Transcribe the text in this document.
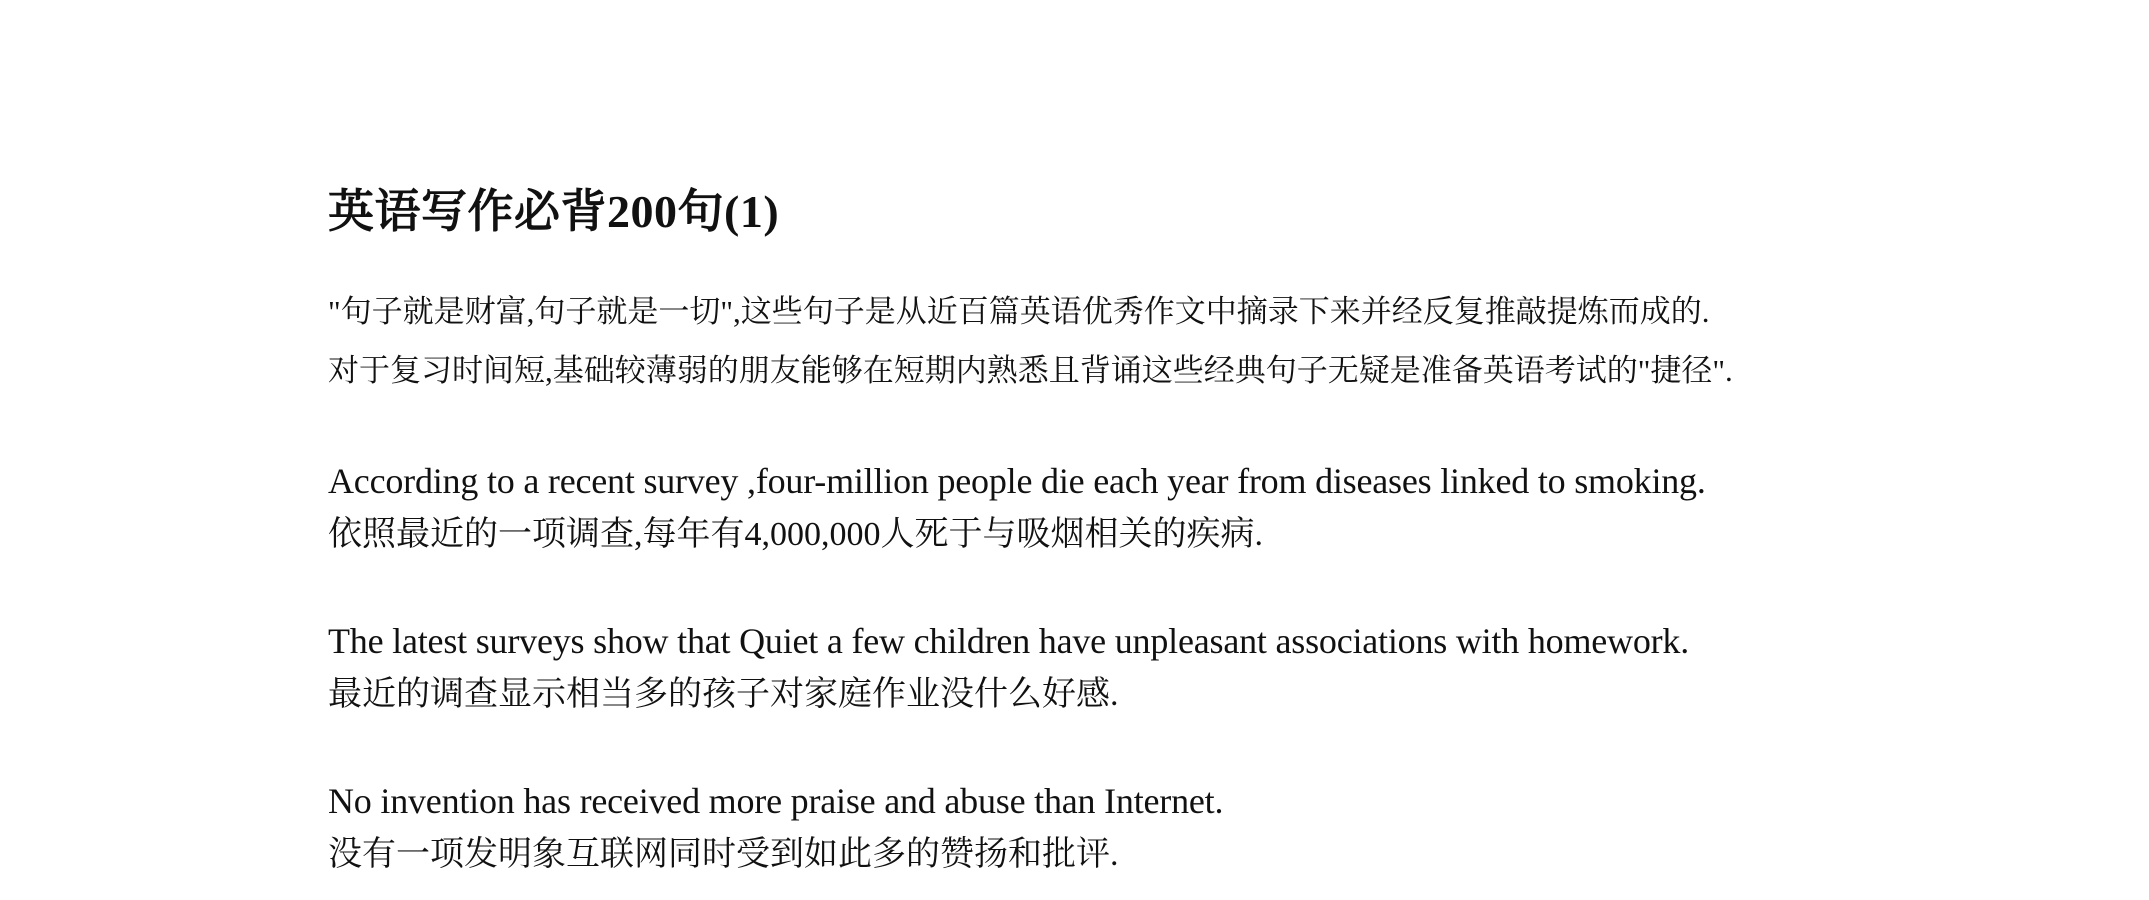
英语写作必背200句(1)
"句子就是财富,句子就是一切",这些句子是从近百篇英语优秀作文中摘录下来并经反复推敲提炼而成的.
对于复习时间短,基础较薄弱的朋友能够在短期内熟悉且背诵这些经典句子无疑是准备英语考试的"捷径".
According to a recent survey ,four-million people die each year from diseases linked to smoking.
依照最近的一项调查,每年有4,000,000人死于与吸烟相关的疾病.
The latest surveys show that Quiet a few children have unpleasant associations with homework.
最近的调查显示相当多的孩子对家庭作业没什么好感.
No invention has received more praise and abuse than Internet.
没有一项发明象互联网同时受到如此多的赞扬和批评.
